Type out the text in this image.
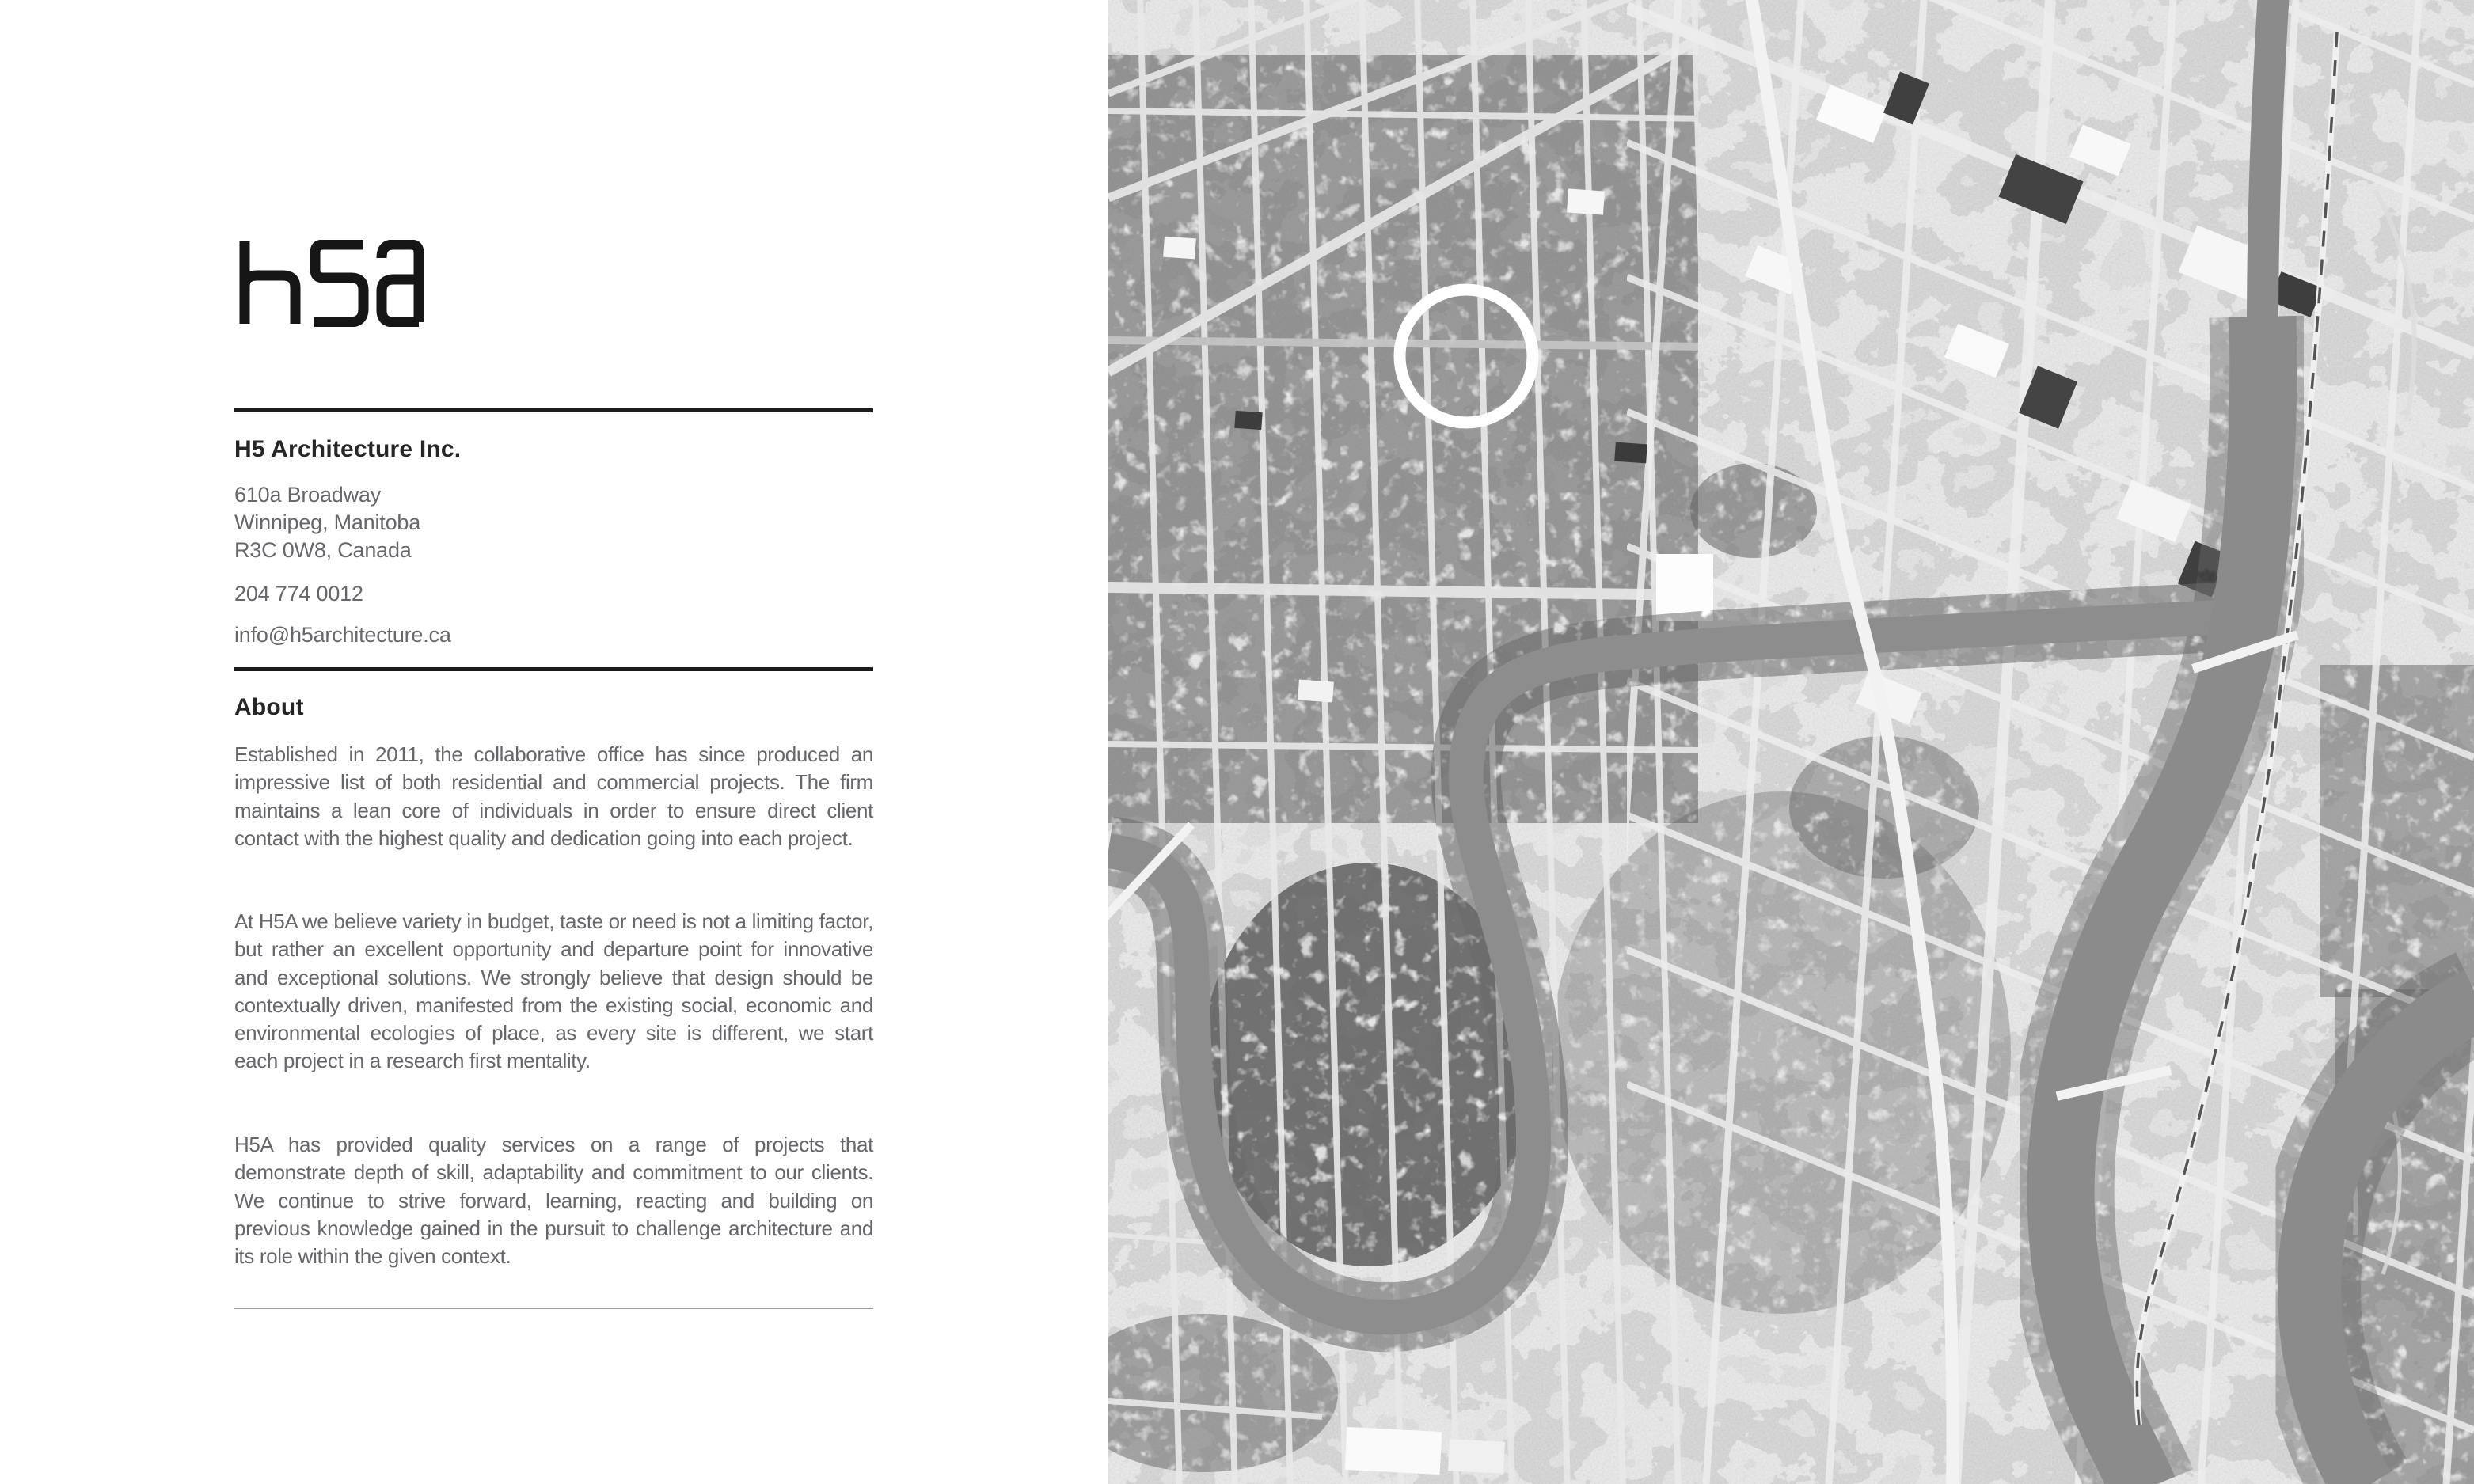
H5 Architecture Inc.
610a Broadway
Winnipeg, Manitoba
R3C 0W8, Canada
204 774 0012
info@h5architecture.ca
About
Established in 2011, the collaborative office has since produced an impressive list of both residential and commercial projects. The firm maintains a lean core of individuals in order to ensure direct client contact with the highest quality and dedication going into each project.
At H5A we believe variety in budget, taste or need is not a limiting factor, but rather an excellent opportunity and departure point for innovative and exceptional solutions. We strongly believe that design should be contextually driven, manifested from the existing social, economic and environmental ecologies of place, as every site is different, we start each project in a research first mentality.
H5A has provided quality services on a range of projects that demonstrate depth of skill, adaptability and commitment to our clients. We continue to strive forward, learning, reacting and building on previous knowledge gained in the pursuit to challenge architecture and its role within the given context.
